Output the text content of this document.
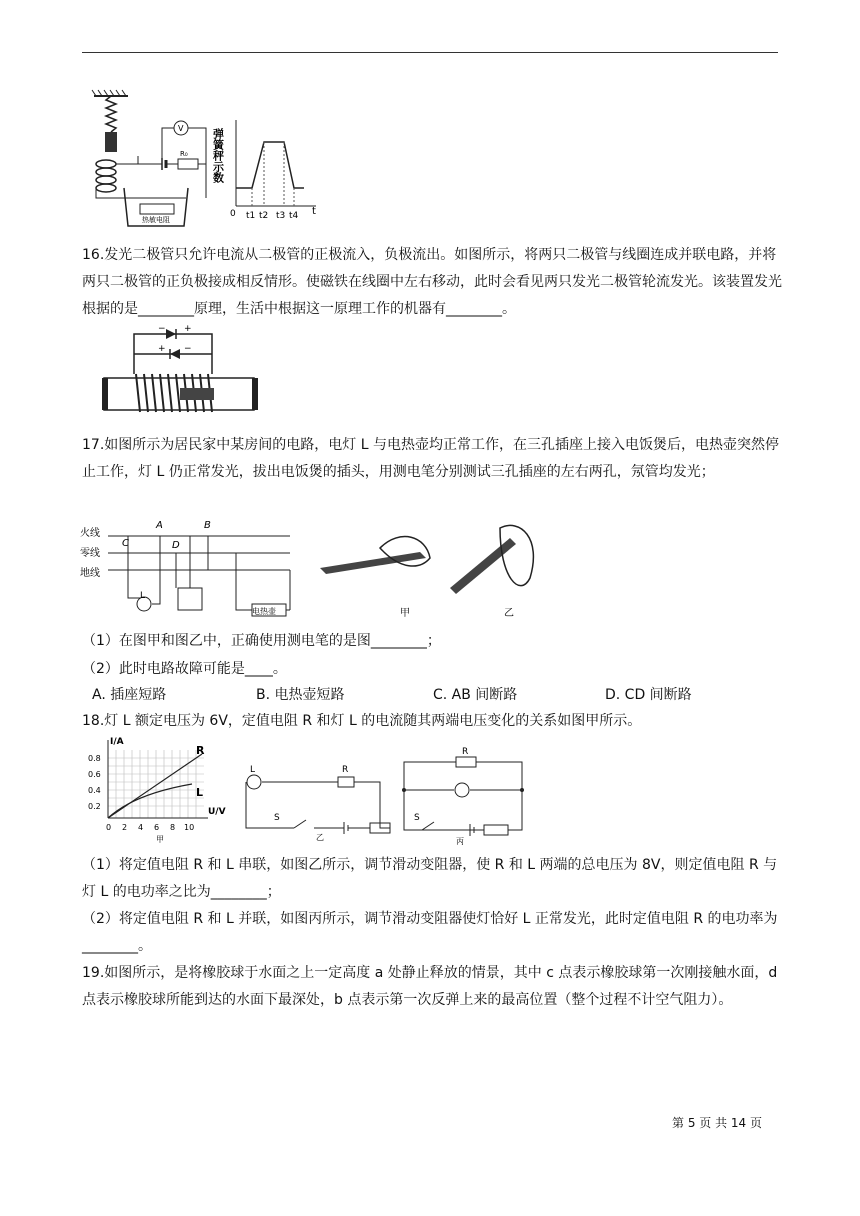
R₀
V
热敏电阻
弹簧秤示数
0 t1 t2 t3 t4 t

16.发光二极管只允许电流从二极管的正极流入，负极流出。如图所示，将两只二极管与线圈连成并联电路，并将两只二极管的正负极接成相反情形。使磁铁在线圈中左右移动，此时会看见两只发光二极管轮流发光。该装置发光根据的是________原理，生活中根据这一原理工作的机器有________。

− +
+ −

17.如图所示为居民家中某房间的电路，电灯 L 与电热壶均正常工作，在三孔插座上接入电饭煲后，电热壶突然停止工作，灯 L 仍正常发光，拔出电饭煲的插头，用测电笔分别测试三孔插座的左右两孔，氖管均发光；

火线
零线
地线
A	B
C	D
L
电热壶	甲	乙

（1）在图甲和图乙中，正确使用测电笔的是图________；

（2）此时电路故障可能是____。

A. 插座短路	B. 电热壶短路	C. AB 间断路	D. CD 间断路

18.灯 L 额定电压为 6V，定值电阻 R 和灯 L 的电流随其两端电压变化的关系如图甲所示。

I/A
U/V
0.8
0.6
0.4
0.2
0 2 4 6 8 10
R
L
甲
L	R
S
乙
R
S
丙

（1）将定值电阻 R 和 L 串联，如图乙所示，调节滑动变阻器，使 R 和 L 两端的总电压为 8V，则定值电阻 R 与灯 L 的电功率之比为________；

（2）将定值电阻 R 和 L 并联，如图丙所示，调节滑动变阻器使灯恰好 L 正常发光，此时定值电阻 R 的电功率为________。

19.如图所示，是将橡胶球于水面之上一定高度 a 处静止释放的情景，其中 c 点表示橡胶球第一次刚接触水面，d 点表示橡胶球所能到达的水面下最深处，b 点表示第一次反弹上来的最高位置（整个过程不计空气阻力）。

第 5 页 共 14 页
